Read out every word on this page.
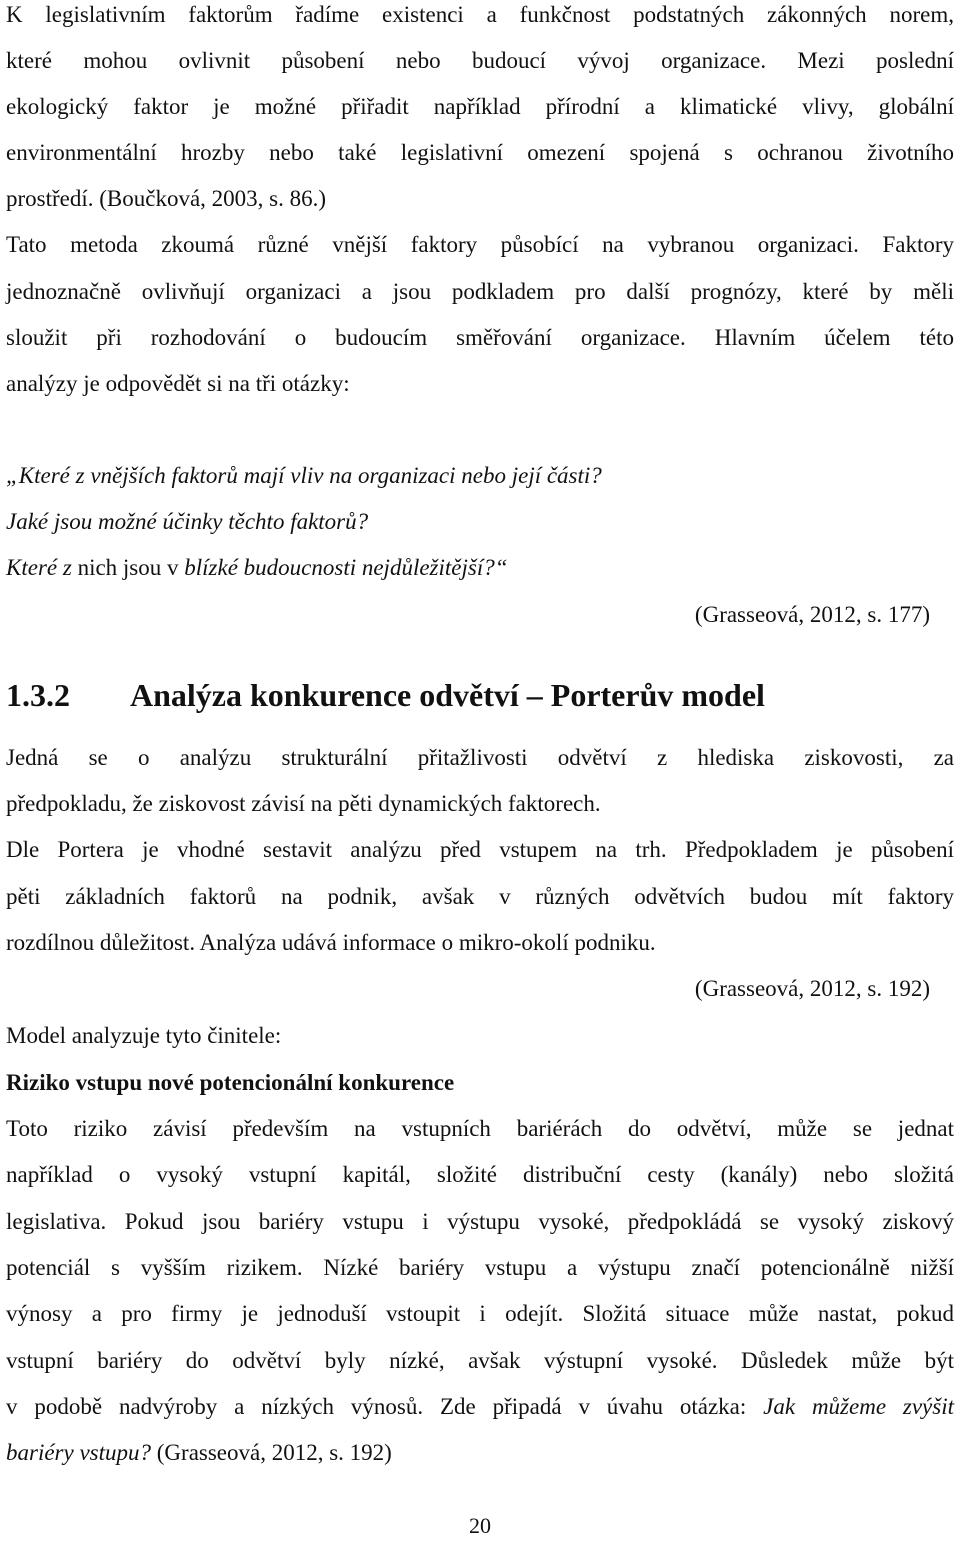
K legislativním faktorům řadíme existenci a funkčnost podstatných zákonných norem,
které mohou ovlivnit působení nebo budoucí vývoj organizace. Mezi poslední
ekologický faktor je možné přiřadit například přírodní a klimatické vlivy, globální
environmentální hrozby nebo také legislativní omezení spojená s ochranou životního
prostředí. (Boučková, 2003, s. 86.)
Tato metoda zkoumá různé vnější faktory působící na vybranou organizaci. Faktory
jednoznačně ovlivňují organizaci a jsou podkladem pro další prognózy, které by měli
sloužit při rozhodování o budoucím směřování organizace. Hlavním účelem této
analýzy je odpovědět si na tři otázky:
„Které z vnějších faktorů mají vliv na organizaci nebo její části?
Jaké jsou možné účinky těchto faktorů?
Které z nich jsou v blízké budoucnosti nejdůležitější?“
(Grasseová, 2012, s. 177)
1.3.2 Analýza konkurence odvětví – Porterův model
Jedná se o analýzu strukturální přitažlivosti odvětví z hlediska ziskovosti, za
předpokladu, že ziskovost závisí na pěti dynamických faktorech.
Dle Portera je vhodné sestavit analýzu před vstupem na trh. Předpokladem je působení
pěti základních faktorů na podnik, avšak v různých odvětvích budou mít faktory
rozdílnou důležitost. Analýza udává informace o mikro-okolí podniku.
(Grasseová, 2012, s. 192)
Model analyzuje tyto činitele:
Riziko vstupu nové potencionální konkurence
Toto riziko závisí především na vstupních bariérách do odvětví, může se jednat
například o vysoký vstupní kapitál, složité distribuční cesty (kanály) nebo složitá
legislativa. Pokud jsou bariéry vstupu i výstupu vysoké, předpokládá se vysoký ziskový
potenciál s vyšším rizikem. Nízké bariéry vstupu a výstupu značí potencionálně nižší
výnosy a pro firmy je jednoduší vstoupit i odejít. Složitá situace může nastat, pokud
vstupní bariéry do odvětví byly nízké, avšak výstupní vysoké. Důsledek může být
v podobě nadvýroby a nízkých výnosů. Zde připadá v úvahu otázka: Jak můžeme zvýšit
bariéry vstupu? (Grasseová, 2012, s. 192)
20
